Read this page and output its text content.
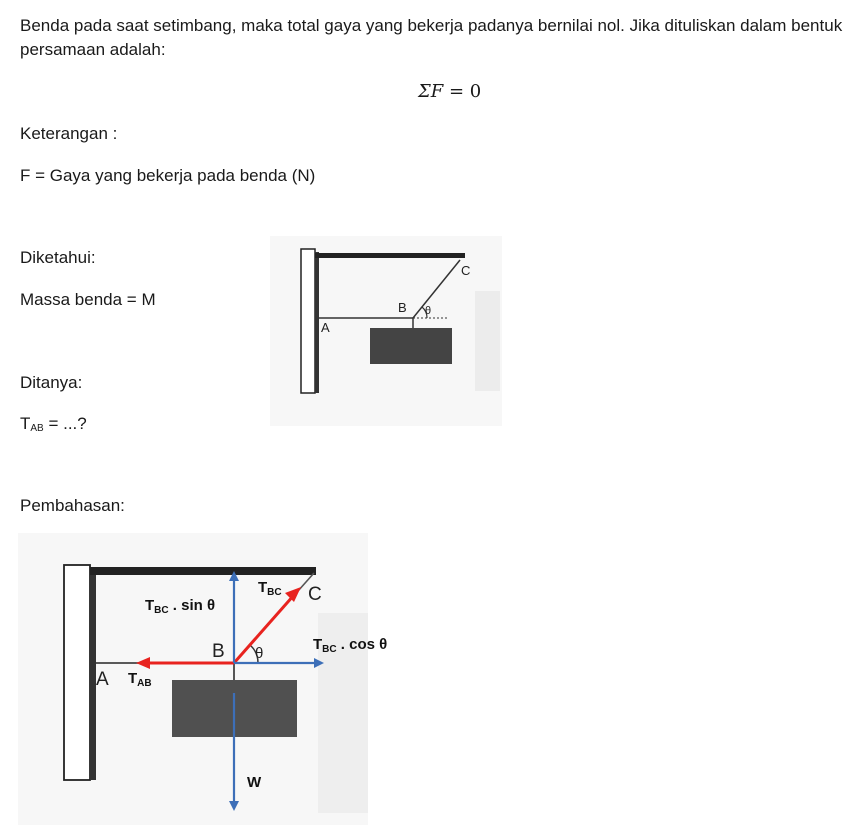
Benda pada saat setimbang, maka total gaya yang bekerja padanya bernilai nol. Jika dituliskan dalam bentuk persamaan adalah:
ΣF = 0
Keterangan :
F = Gaya yang bekerja pada benda (N)
Diketahui:
Massa benda = M
Ditanya:
$T_{AB}$ = ...?
Pembahasan:
A
B
C
θ
A
B
C
θ
$T_{AB}$
$T_{BC}$
$T_{BC}$ . sin θ
$T_{BC}$ . cos θ
W
